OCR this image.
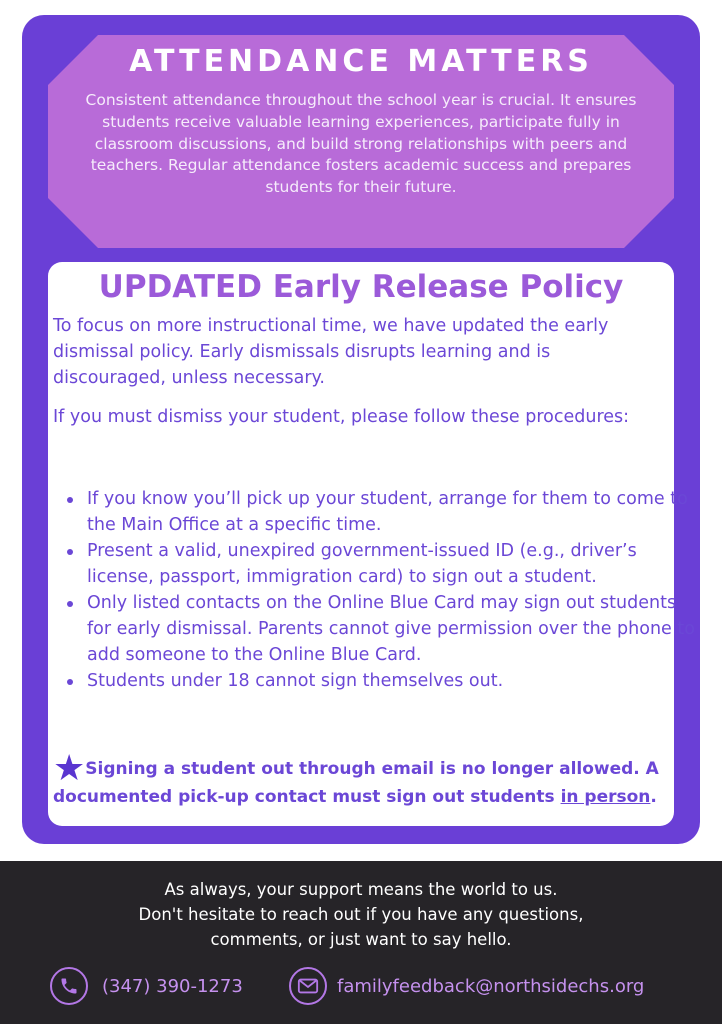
ATTENDANCE MATTERS

Consistent attendance throughout the school year is crucial. It ensures students receive valuable learning experiences, participate fully in classroom discussions, and build strong relationships with peers and teachers. Regular attendance fosters academic success and prepares students for their future.

UPDATED Early Release Policy

To focus on more instructional time, we have updated the early dismissal policy. Early dismissals disrupts learning and is discouraged, unless necessary.

If you must dismiss your student, please follow these procedures:

If you know you’ll pick up your student, arrange for them to come to the Main Office at a specific time.
Present a valid, unexpired government-issued ID (e.g., driver’s license, passport, immigration card) to sign out a student.
Only listed contacts on the Online Blue Card may sign out students for early dismissal. Parents cannot give permission over the phone to add someone to the Online Blue Card.
Students under 18 cannot sign themselves out.

★Signing a student out through email is no longer allowed. A documented pick-up contact must sign out students in person.

As always, your support means the world to us.
Don't hesitate to reach out if you have any questions,
comments, or just want to say hello.

(347) 390-1273	familyfeedback@northsidechs.org
